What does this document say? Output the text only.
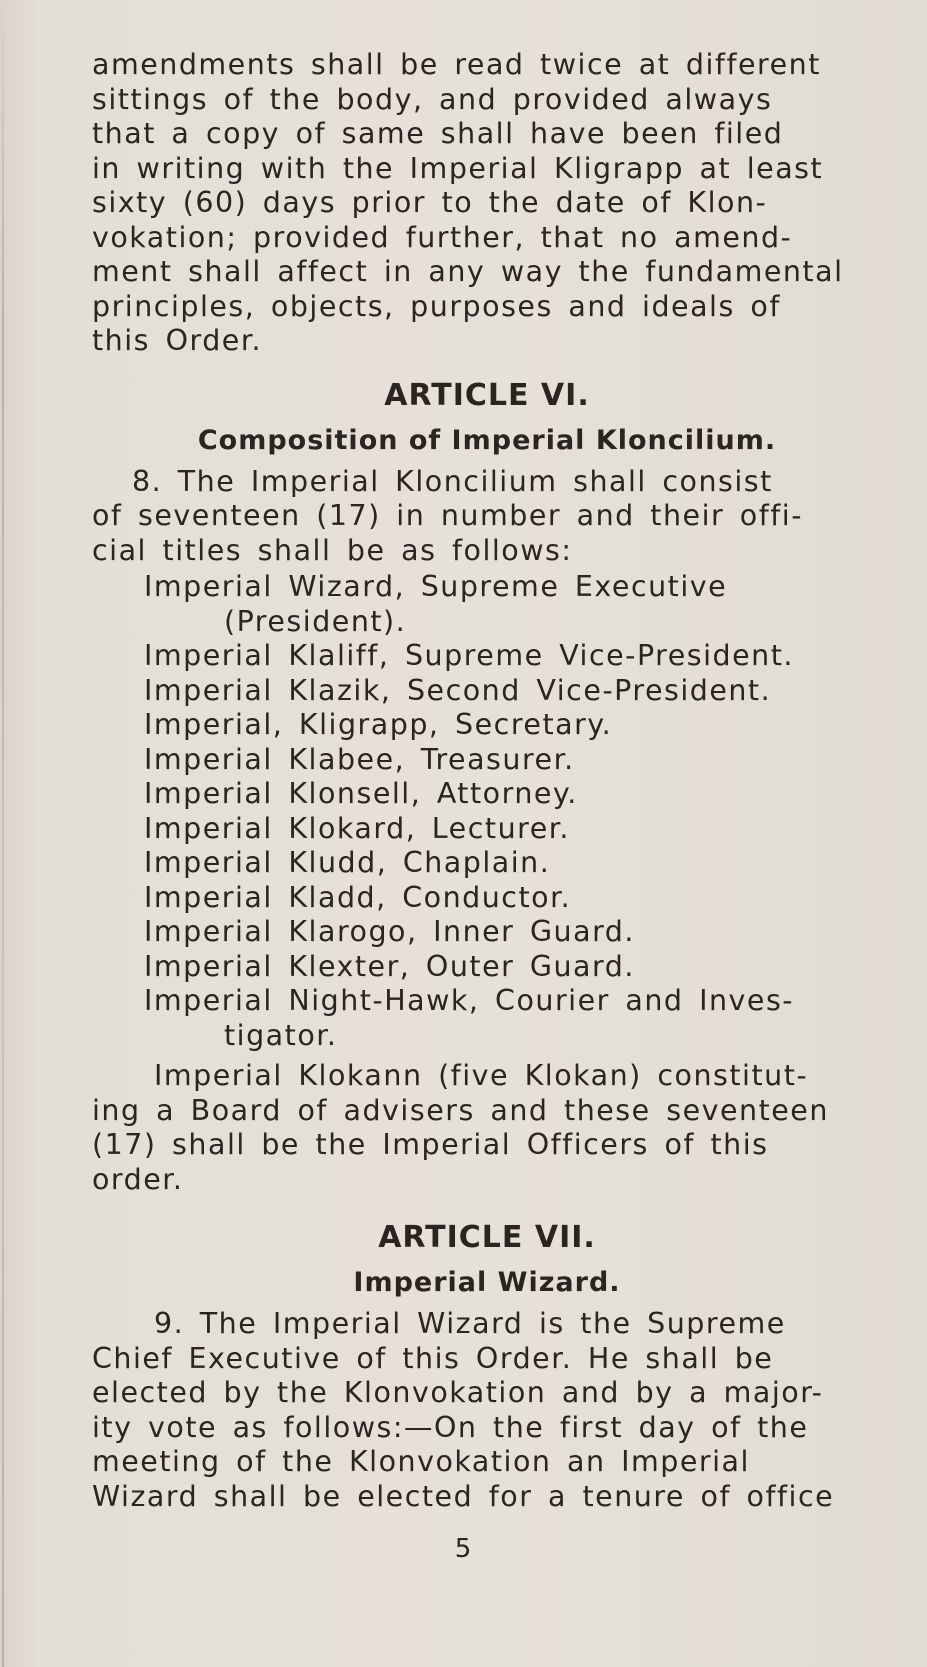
amendments shall be read twice at different

sittings of the body, and provided always

that a copy of same shall have been filed

in writing with the Imperial Kligrapp at least

sixty (60) days prior to the date of Klon-

vokation; provided further, that no amend-

ment shall affect in any way the fundamental

principles, objects, purposes and ideals of

this Order.

ARTICLE VI.
Composition of Imperial Kloncilium.

8. The Imperial Kloncilium shall consist

of seventeen (17) in number and their offi-

cial titles shall be as follows:

Imperial Wizard, Supreme Executive

(President).

Imperial Klaliff, Supreme Vice-President.

Imperial Klazik, Second Vice-President.

Imperial, Kligrapp, Secretary.

Imperial Klabee, Treasurer.

Imperial Klonsell, Attorney.

Imperial Klokard, Lecturer.

Imperial Kludd, Chaplain.

Imperial Kladd, Conductor.

Imperial Klarogo, Inner Guard.

Imperial Klexter, Outer Guard.

Imperial Night-Hawk, Courier and Inves-

tigator.

Imperial Klokann (five Klokan) constitut-

ing a Board of advisers and these seventeen

(17) shall be the Imperial Officers of this

order.

ARTICLE VII.
Imperial Wizard.

9. The Imperial Wizard is the Supreme

Chief Executive of this Order. He shall be

elected by the Klonvokation and by a major-

ity vote as follows:—On the first day of the

meeting of the Klonvokation an Imperial

Wizard shall be elected for a tenure of office

5
